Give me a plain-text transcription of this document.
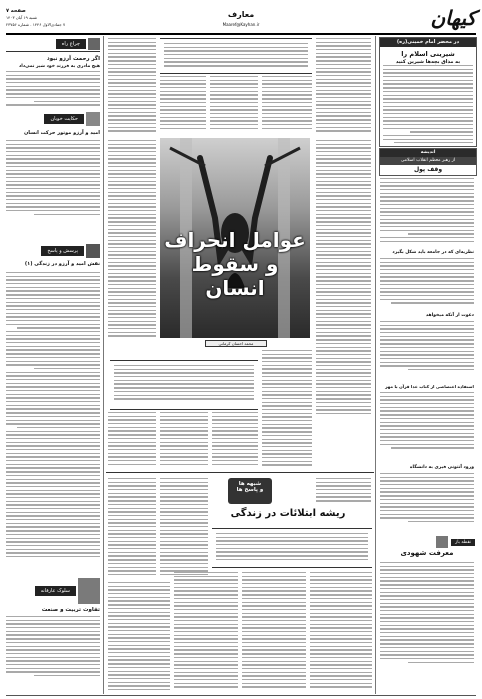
صفحه ۷
شنبه ۱۹ آبان ۱۴۰۳
۷ جمادی‌الاول ۱۴۴۶ . شماره ۲۳۷۵۶
معارف
Maaref@Kayhan.ir	کیهان
در محضر امام خمینی(ره)
شیرینی اسلام را
به مذاق بچه‌ها شیرین کنید
اندیشه
از رهبر معظم انقلاب اسلامی
وقف پول
نظریه‌ای که در جامعه باید شکل بگیرد
دعوت از آنکه میخواهد
استفاده اختصاصی از کتاب خدا قرآن با مهر
ورود آنتونی فیزی به دانشگاه
نقطه باز
معرفت شهودی
چراغ راه
اگر رحمت آرزو نبود
هیچ مادری به فرزند خود شیر نمی‌داد
حکایت خوبان
امید و آرزو موتور حرکت انسان
پرسش و پاسخ
نقش امید و آرزو در زندگی (۱)
سلوک عارفانه
تفاوت تربیت و صنعت
عوامل انحراف
و سقوط انسان
محمد احسان کرمانی
شبهه ها
و پاسخ ها
ریشه ابتلائات در زندگی
